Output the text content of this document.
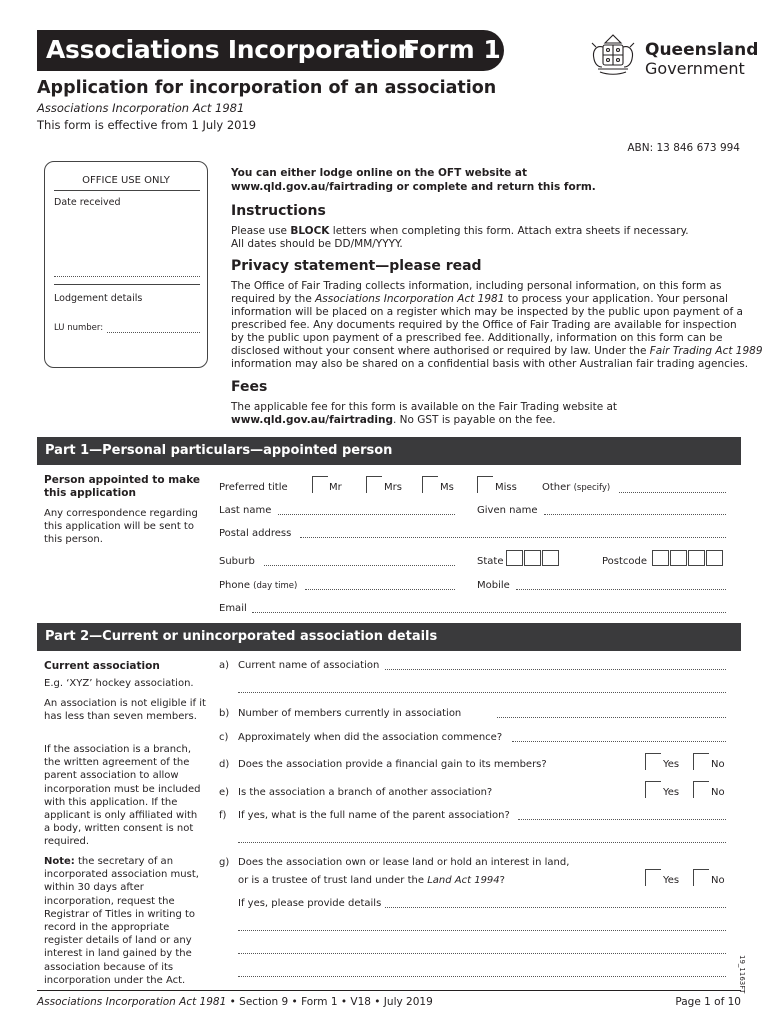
Associations Incorporation
Form 1	Queensland
Government
Application for incorporation of an association
Associations Incorporation Act 1981
This form is effective from 1 July 2019
ABN: 13 846 673 994
OFFICE USE ONLY
Date received
Lodgement details
LU number:
You can either lodge online on the OFT website at
www.qld.gov.au/fairtrading or complete and return this form.
Instructions
Please use BLOCK letters when completing this form. Attach extra sheets if necessary.
All dates should be DD/MM/YYYY.
Privacy statement—please read
The Office of Fair Trading collects information, including personal information, on this form as
required by the Associations Incorporation Act 1981 to process your application. Your personal
information will be placed on a register which may be inspected by the public upon payment of a
prescribed fee. Any documents required by the Office of Fair Trading are available for inspection
by the public upon payment of a prescribed fee. Additionally, information on this form can be
disclosed without your consent where authorised or required by law. Under the Fair Trading Act 1989
information may also be shared on a confidential basis with other Australian fair trading agencies.
Fees
The applicable fee for this form is available on the Fair Trading website at
www.qld.gov.au/fairtrading. No GST is payable on the fee.
Part 1—Personal particulars—appointed person
Person appointed to make this application
Any correspondence regarding this application will be sent to this person.
Preferred title	Mr	Mrs	Ms	Miss	Other (specify)
Last name	Given name
Postal address
Suburb	State	Postcode
Phone (day time)	Mobile
Email
Part 2—Current or unincorporated association details
Current association
E.g. ‘XYZ’ hockey association.
An association is not eligible if it has less than seven members.
If the association is a branch, the written agreement of the parent association to allow incorporation must be included with this application. If the applicant is only affiliated with a body, written consent is not required.
Note: the secretary of an incorporated association must, within 30 days after incorporation, request the Registrar of Titles in writing to record in the appropriate register details of land or any interest in land gained by the association because of its incorporation under the Act.
a) Current name of association
b) Number of members currently in association
c) Approximately when did the association commence?
d) Does the association provide a financial gain to its members?	Yes	No
e) Is the association a branch of another association?	Yes	No
f) If yes, what is the full name of the parent association?
g) Does the association own or lease land or hold an interest in land,
or is a trustee of trust land under the Land Act 1994?	Yes	No
If yes, please provide details
19_1163FT
Associations Incorporation Act 1981 • Section 9 • Form 1 • V18 • July 2019	Page 1 of 10
